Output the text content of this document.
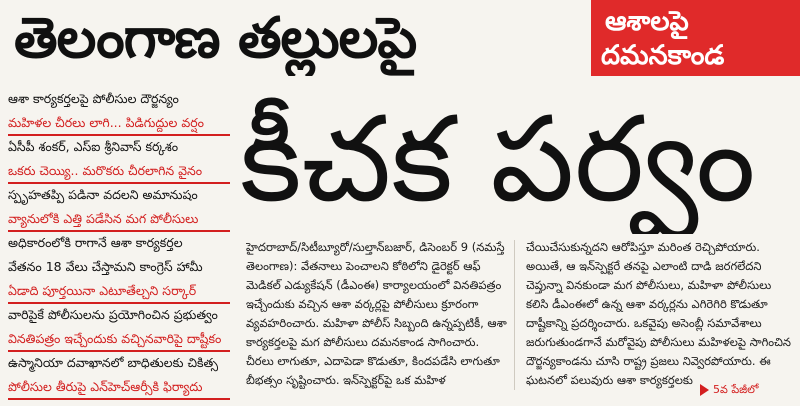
తెలంగాణ తల్లులపై	ఆశాలపై
దమనకాండ
కీచక పర్వం
ఆశా కార్యకర్తలపై పోలీసుల దౌర్జన్యం
మహిళల చీరలు లాగి... పిడిగుద్దుల వర్షం
ఏసీపీ శంకర్, ఎస్ఐ శ్రీనివాస్ కర్కశం
ఒకరు చెయ్యి.. మరొకరు చీరలాగిన వైనం
స్పృహతప్పి పడినా వదలని అమానుషం
వ్యానులోకి ఎత్తి పడేసిన మగ పోలీసులు
అధికారంలోకి రాగానే ఆశా కార్యకర్తల
వేతనం 18 వేలు చేస్తామని కాంగ్రెస్ హామీ
ఏడాది పూర్తయినా ఎటూతేల్చని సర్కార్
వారిపైకే పోలీసులను ప్రయోగించిన ప్రభుత్వం
వినతిపత్రం ఇచ్చేందుకు వచ్చినవారిపై దాష్టీకం
ఉస్మానియా దవాఖానలో బాధితులకు చికిత్స
పోలీసుల తీరుపై ఎన్‌హెచ్ఆర్సీకి ఫిర్యాదు
హైదరాబాద్/సిటీబ్యూరో/సుల్తాన్‌బజార్, డిసెంబర్ 9 (నమస్తే తెలంగాణ): వేతనాలు పెంచాలని కోఠిలోని డైరెక్టర్ ఆఫ్ మెడికల్ ఎడ్యుకేషన్ (డీఎంఈ) కార్యాలయంలో వినతిపత్రం ఇచ్చేందుకు వచ్చిన ఆశా వర్కర్లపై పోలీసులు క్రూరంగా వ్యవహరించారు. మహిళా పోలీస్ సిబ్బంది ఉన్నప్పటికీ, ఆశా కార్యకర్తలపై మగ పోలీసులు దమనకాండ సాగించారు. చీరలు లాగుతూ, ఎదాపెడా కొడుతూ, కిందపడేసి లాగుతూ బీభత్సం సృష్టించారు. ఇన్‌స్పెక్టర్‌పై ఒక మహిళ
చేయిచేసుకున్నదని ఆరోపిస్తూ మరింత రెచ్చిపోయారు. అయితే, ఆ ఇన్‌స్పెక్టరే తనపై ఎలాంటి దాడి జరగలేదని చెప్తున్నా వినకుండా మగ పోలీసులు, మహిళా పోలీసులు కలిసి డీఎంఈలో ఉన్న ఆశా వర్కర్లను ఎగిరెగిరి కొడుతూ దాష్టీకాన్ని ప్రదర్శించారు. ఒకవైపు అసెంబ్లీ సమావేశాలు జరుగుతుండగానే మరోవైపు పోలీసులు మహిళలపై సాగించిన దౌర్జన్యకాండను చూసి రాష్ట్ర ప్రజలు నివ్వెరపోయారు. ఈ ఘటనలో పలువురు ఆశా కార్యకర్తలకు
5వ పేజీలో
